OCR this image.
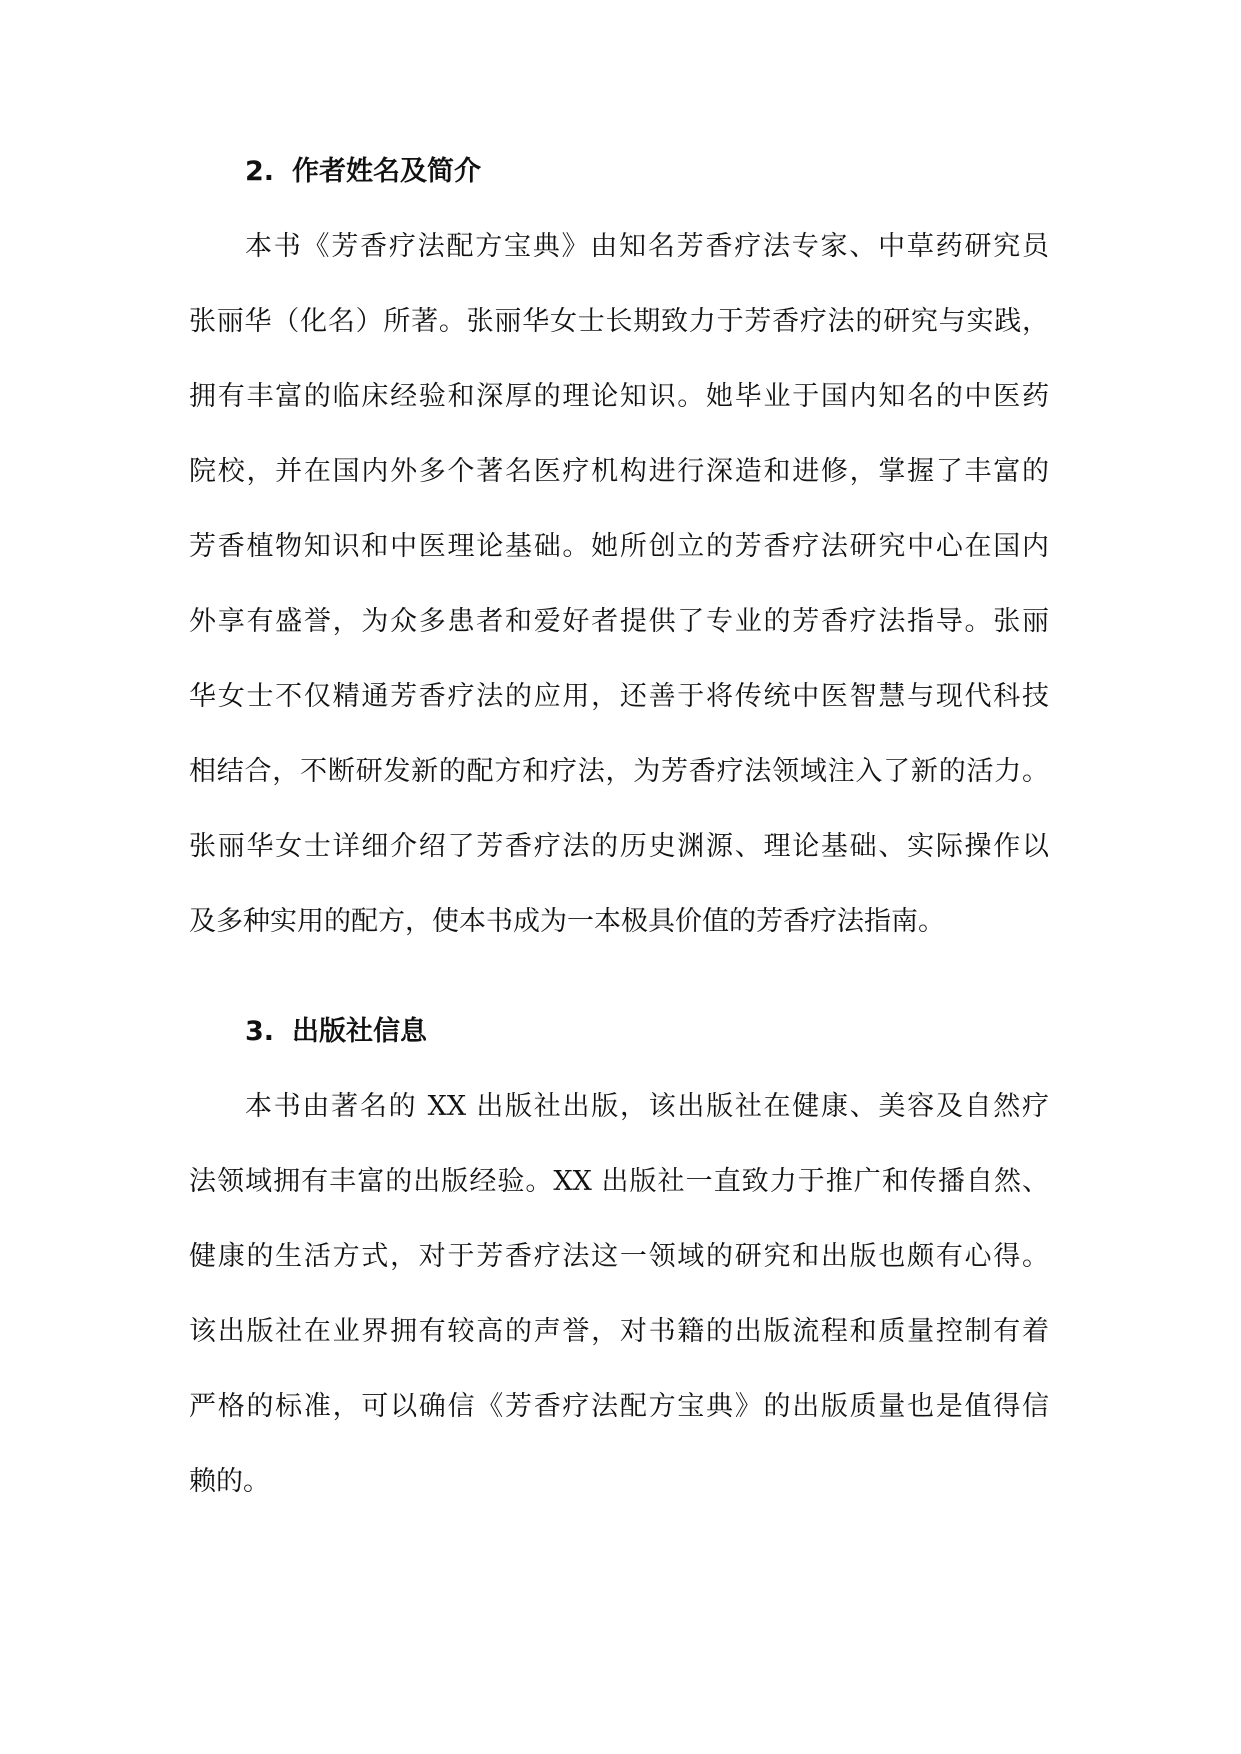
2. 作者姓名及简介
本书《芳香疗法配方宝典》由知名芳香疗法专家、中草药研究员
张丽华（化名）所著。张丽华女士长期致力于芳香疗法的研究与实践，
拥有丰富的临床经验和深厚的理论知识。她毕业于国内知名的中医药
院校，并在国内外多个著名医疗机构进行深造和进修，掌握了丰富的
芳香植物知识和中医理论基础。她所创立的芳香疗法研究中心在国内
外享有盛誉，为众多患者和爱好者提供了专业的芳香疗法指导。张丽
华女士不仅精通芳香疗法的应用，还善于将传统中医智慧与现代科技
相结合，不断研发新的配方和疗法，为芳香疗法领域注入了新的活力。
张丽华女士详细介绍了芳香疗法的历史渊源、理论基础、实际操作以
及多种实用的配方，使本书成为一本极具价值的芳香疗法指南。
3. 出版社信息
本书由著名的 XX 出版社出版，该出版社在健康、美容及自然疗
法领域拥有丰富的出版经验。XX 出版社一直致力于推广和传播自然、
健康的生活方式，对于芳香疗法这一领域的研究和出版也颇有心得。
该出版社在业界拥有较高的声誉，对书籍的出版流程和质量控制有着
严格的标准，可以确信《芳香疗法配方宝典》的出版质量也是值得信
赖的。
